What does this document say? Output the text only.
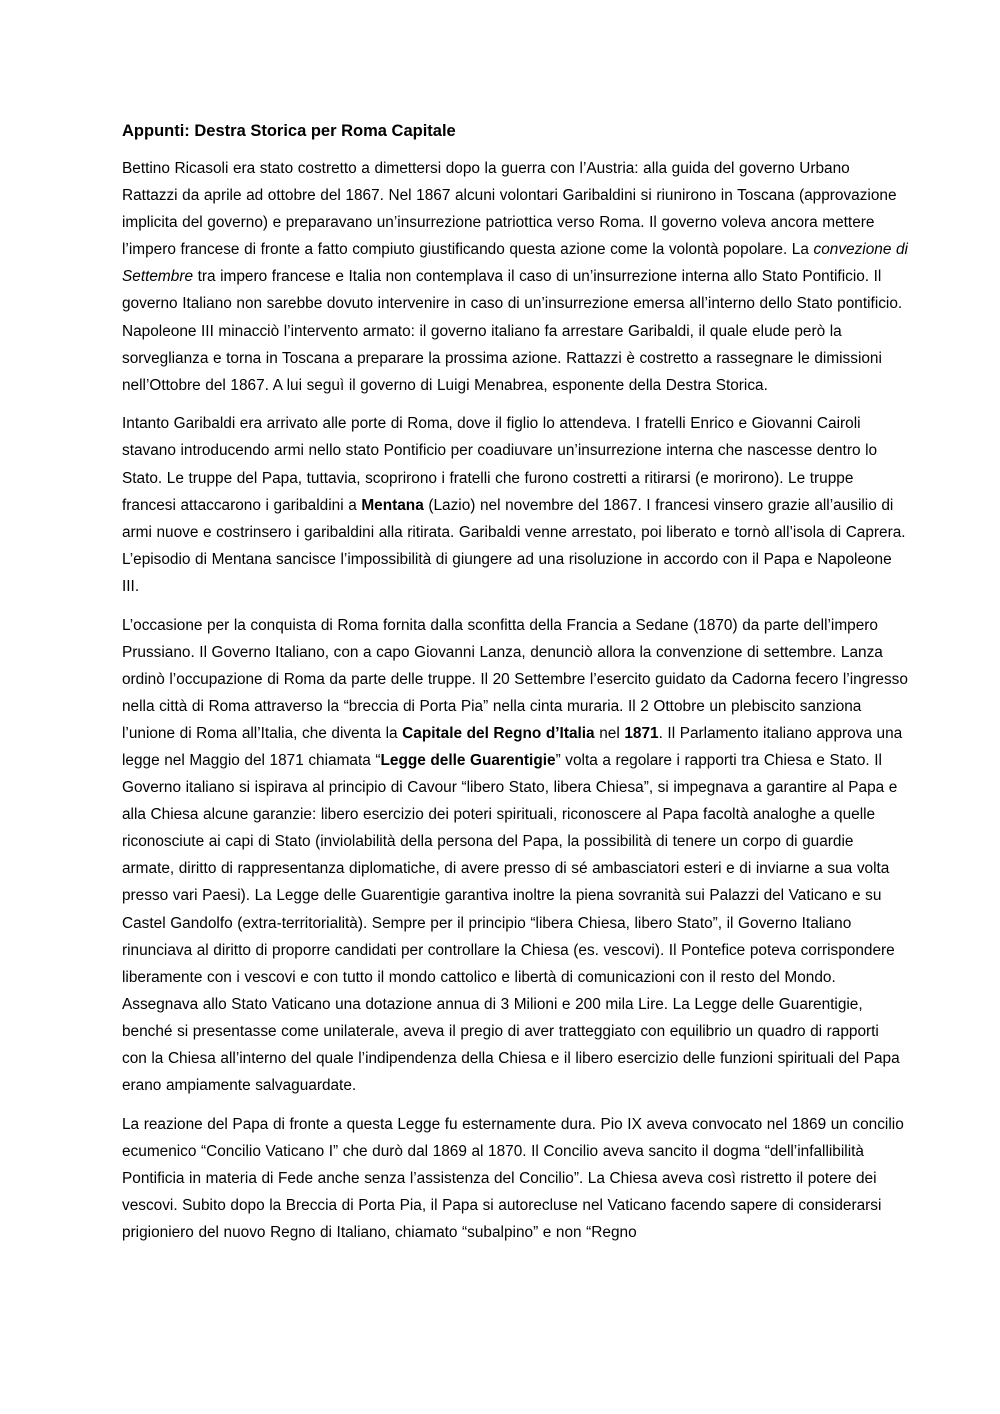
Appunti: Destra Storica per Roma Capitale

Bettino Ricasoli era stato costretto a dimettersi dopo la guerra con l’Austria: alla guida del governo Urbano Rattazzi da aprile ad ottobre del 1867. Nel 1867 alcuni volontari Garibaldini si riunirono in Toscana (approvazione implicita del governo) e preparavano un’insurrezione patriottica verso Roma. Il governo voleva ancora mettere l’impero francese di fronte a fatto compiuto giustificando questa azione come la volontà popolare. La convezione di Settembre tra impero francese e Italia non contemplava il caso di un’insurrezione interna allo Stato Pontificio. Il governo Italiano non sarebbe dovuto intervenire in caso di un’insurrezione emersa all’interno dello Stato pontificio. Napoleone III minacciò l’intervento armato: il governo italiano fa arrestare Garibaldi, il quale elude però la sorveglianza e torna in Toscana a preparare la prossima azione. Rattazzi è costretto a rassegnare le dimissioni nell’Ottobre del 1867. A lui seguì il governo di Luigi Menabrea, esponente della Destra Storica.

Intanto Garibaldi era arrivato alle porte di Roma, dove il figlio lo attendeva. I fratelli Enrico e Giovanni Cairoli stavano introducendo armi nello stato Pontificio per coadiuvare un’insurrezione interna che nascesse dentro lo Stato. Le truppe del Papa, tuttavia, scoprirono i fratelli che furono costretti a ritirarsi (e morirono). Le truppe francesi attaccarono i garibaldini a Mentana (Lazio) nel novembre del 1867. I francesi vinsero grazie all’ausilio di armi nuove e costrinsero i garibaldini alla ritirata. Garibaldi venne arrestato, poi liberato e tornò all’isola di Caprera. L’episodio di Mentana sancisce l’impossibilità di giungere ad una risoluzione in accordo con il Papa e Napoleone III.

L’occasione per la conquista di Roma fornita dalla sconfitta della Francia a Sedane (1870) da parte dell’impero Prussiano. Il Governo Italiano, con a capo Giovanni Lanza, denunciò allora la convenzione di settembre. Lanza ordinò l’occupazione di Roma da parte delle truppe. Il 20 Settembre l’esercito guidato da Cadorna fecero l’ingresso nella città di Roma attraverso la “breccia di Porta Pia” nella cinta muraria. Il 2 Ottobre un plebiscito sanziona l’unione di Roma all’Italia, che diventa la Capitale del Regno d’Italia nel 1871. Il Parlamento italiano approva una legge nel Maggio del 1871 chiamata “Legge delle Guarentigie” volta a regolare i rapporti tra Chiesa e Stato. Il Governo italiano si ispirava al principio di Cavour “libero Stato, libera Chiesa”, si impegnava a garantire al Papa e alla Chiesa alcune garanzie: libero esercizio dei poteri spirituali, riconoscere al Papa facoltà analoghe a quelle riconosciute ai capi di Stato (inviolabilità della persona del Papa, la possibilità di tenere un corpo di guardie armate, diritto di rappresentanza diplomatiche, di avere presso di sé ambasciatori esteri e di inviarne a sua volta presso vari Paesi). La Legge delle Guarentigie garantiva inoltre la piena sovranità sui Palazzi del Vaticano e su Castel Gandolfo (extra-territorialità). Sempre per il principio “libera Chiesa, libero Stato”, il Governo Italiano rinunciava al diritto di proporre candidati per controllare la Chiesa (es. vescovi). Il Pontefice poteva corrispondere liberamente con i vescovi e con tutto il mondo cattolico e libertà di comunicazioni con il resto del Mondo. Assegnava allo Stato Vaticano una dotazione annua di 3 Milioni e 200 mila Lire. La Legge delle Guarentigie, benché si presentasse come unilaterale, aveva il pregio di aver tratteggiato con equilibrio un quadro di rapporti con la Chiesa all’interno del quale l’indipendenza della Chiesa e il libero esercizio delle funzioni spirituali del Papa erano ampiamente salvaguardate.

La reazione del Papa di fronte a questa Legge fu esternamente dura. Pio IX aveva convocato nel 1869 un concilio ecumenico “Concilio Vaticano I” che durò dal 1869 al 1870. Il Concilio aveva sancito il dogma “dell’infallibilità Pontificia in materia di Fede anche senza l’assistenza del Concilio”. La Chiesa aveva così ristretto il potere dei vescovi. Subito dopo la Breccia di Porta Pia, il Papa si autorecluse nel Vaticano facendo sapere di considerarsi prigioniero del nuovo Regno di Italiano, chiamato “subalpino” e non “Regno
